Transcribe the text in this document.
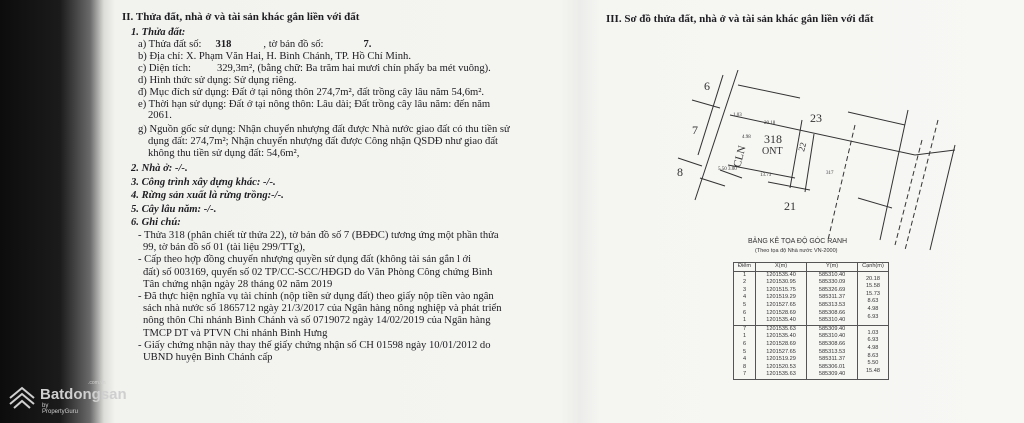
II. Thửa đất, nhà ở và tài sản khác gắn liền với đất
1. Thửa đất:
a) Thửa đất số: 318	, tờ bản đồ số:	7.
b) Địa chỉ: X. Phạm Văn Hai, H. Bình Chánh, TP. Hồ Chí Minh.
c) Diện tích: 329,3m², (bằng chữ: Ba trăm hai mươi chín phẩy ba mét vuông).
d) Hình thức sử dụng: Sử dụng riêng.
đ) Mục đích sử dụng: Đất ở tại nông thôn 274,7m², đất trồng cây lâu năm 54,6m².
e) Thời hạn sử dụng: Đất ở tại nông thôn: Lâu dài; Đất trồng cây lâu năm: đến năm
2061.
g) Nguồn gốc sử dụng: Nhận chuyển nhượng đất được Nhà nước giao đất có thu tiền sử
dụng đất: 274,7m²; Nhận chuyển nhượng đất được Công nhận QSDĐ như giao đất
không thu tiền sử dụng đất: 54,6m²,
2. Nhà ở: -/-.
3. Công trình xây dựng khác: -/-.
4. Rừng sản xuất là rừng trồng:-/-.
5. Cây lâu năm: -/-.
6. Ghi chú:
- Thửa 318 (phân chiết từ thửa 22), tờ bản đồ số 7 (BĐĐC) tương ứng một phần thửa
99, tờ bản đồ số 01 (tài liệu 299/TTg),
- Cấp theo hợp đồng chuyển nhượng quyền sử dụng đất (không tài sản gắn l ới
đất) số 003169, quyển số 02 TP/CC-SCC/HĐGD do Văn Phòng Công chứng Bình
Tân chứng nhận ngày 28 tháng 02 năm 2019
- Đã thực hiện nghĩa vụ tài chính (nộp tiền sử dụng đất) theo giấy nộp tiền vào ngân
sách nhà nước số 1865712 ngày 21/3/2017 của Ngân hàng nông nghiệp và phát triển
nông thôn Chi nhánh Bình Chánh và số 0719072 ngày 14/02/2019 của Ngân hàng
TMCP DT và PTVN Chi nhánh Bình Hưng
- Giấy chứng nhận này thay thế giấy chứng nhận số CH 01598 ngày 10/01/2012 do
UBND huyện Bình Chánh cấp
III. Sơ đồ thửa đất, nhà ở và tài sản khác gắn liền với đất
6
7
8
23
21
318
ONT
CLN	22
317
20.18
13.73
1.03
4.98
5.50 3.00
BẢNG KÊ TỌA ĐỘ GÓC RANH
(Theo tọa độ Nhà nước VN-2000)
Điểm	X(m)	Y(m)	Cạnh(m)
1	1201535.40	585310.40	20.18
2	1201530.95	585330.09	15.58
3	1201515.75	585326.69	15.73
4	1201519.29	585311.37	8.63
5	1201527.65	585313.53	4.98
6	1201528.69	585308.66	6.93
1	1201535.40	585310.40	
7	1201535.63	585309.40	1.03
1	1201535.40	585310.40	6.93
6	1201528.69	585308.66	4.98
5	1201527.65	585313.53	8.63
4	1201519.29	585311.37	5.50
8	1201520.53	585306.01	15.48
7	1201535.63	585309.40	

Batdongsan
by PropertyGuru
.com.vn
